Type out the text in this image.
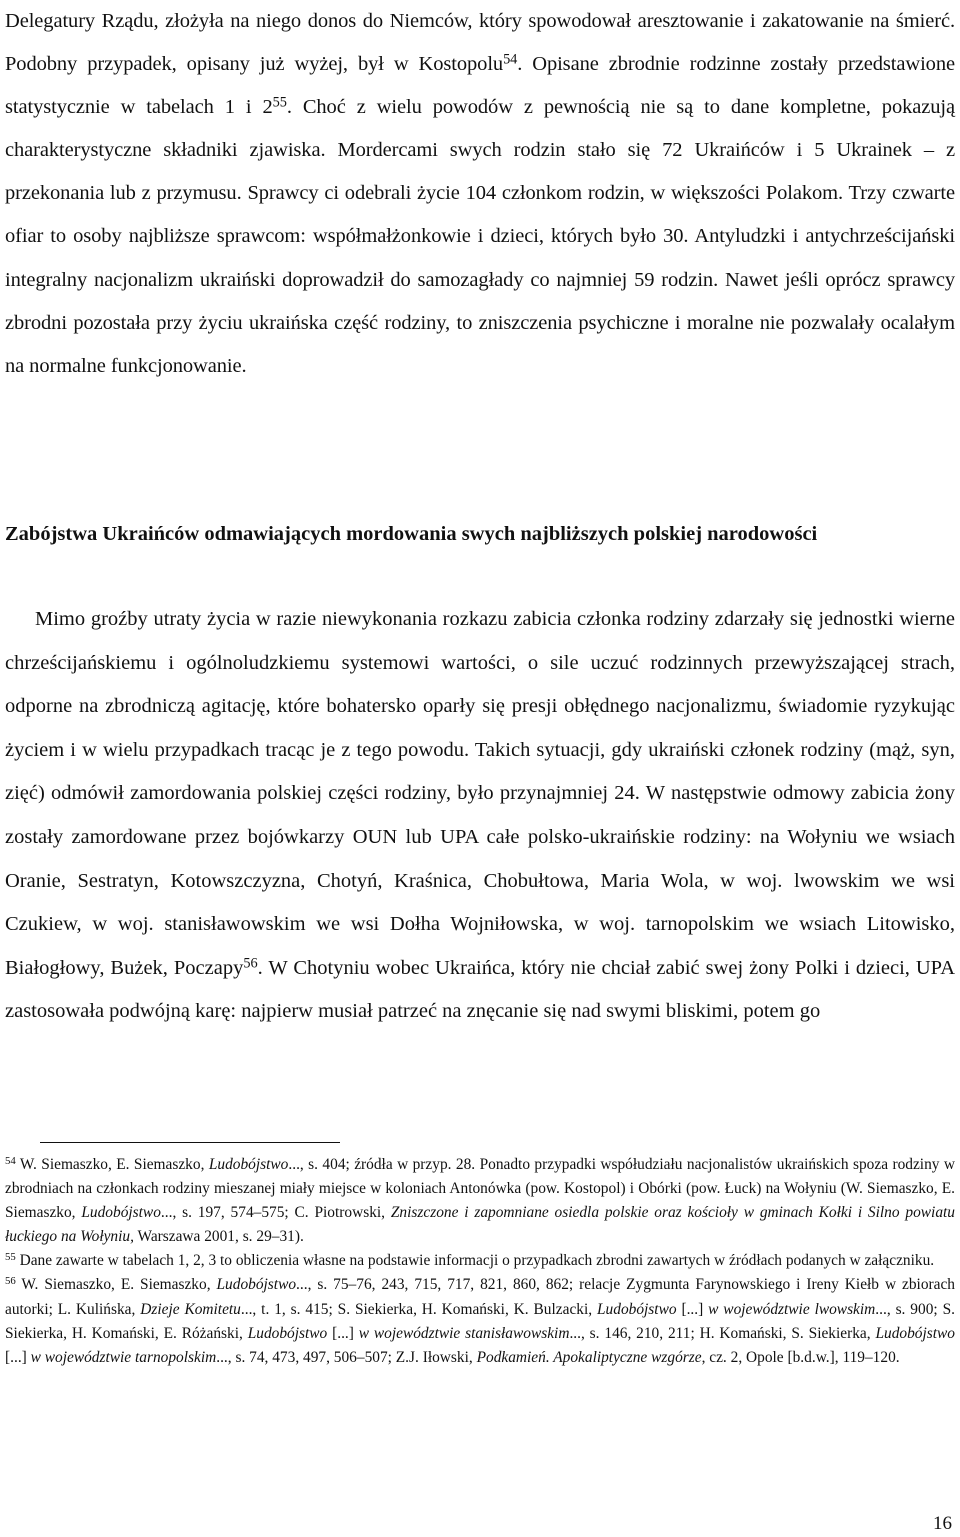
Delegatury Rządu, złożyła na niego donos do Niemców, który spowodował aresztowanie i zakatowanie na śmierć. Podobny przypadek, opisany już wyżej, był w Kostopolu$^{54}$. Opisane zbrodnie rodzinne zostały przedstawione statystycznie w tabelach 1 i $2^{55}$. Choć z wielu powodów z pewnością nie są to dane kompletne, pokazują charakterystyczne składniki zjawiska. Mordercami swych rodzin stało się 72 Ukraińców i 5 Ukrainek – z przekonania lub z przymusu. Sprawcy ci odebrali życie 104 członkom rodzin, w większości Polakom. Trzy czwarte ofiar to osoby najbliższe sprawcom: współmałżonkowie i dzieci, których było 30. Antyludzki i antychrześcijański integralny nacjonalizm ukraiński doprowadził do samozagłady co najmniej 59 rodzin. Nawet jeśli oprócz sprawcy zbrodni pozostała przy życiu ukraińska część rodziny, to zniszczenia psychiczne i moralne nie pozwalały ocalałym na normalne funkcjonowanie.
Zabójstwa Ukraińców odmawiających mordowania swych najbliższych polskiej narodowości
Mimo groźby utraty życia w razie niewykonania rozkazu zabicia członka rodziny zdarzały się jednostki wierne chrześcijańskiemu i ogólnoludzkiemu systemowi wartości, o sile uczuć rodzinnych przewyższającej strach, odporne na zbrodniczą agitację, które bohatersko oparły się presji obłędnego nacjonalizmu, świadomie ryzykując życiem i w wielu przypadkach tracąc je z tego powodu. Takich sytuacji, gdy ukraiński członek rodziny (mąż, syn, zięć) odmówił zamordowania polskiej części rodziny, było przynajmniej 24. W następstwie odmowy zabicia żony zostały zamordowane przez bojówkarzy OUN lub UPA całe polsko-ukraińskie rodziny: na Wołyniu we wsiach Oranie, Sestratyn, Kotowszczyzna, Chotyń, Kraśnica, Chobułtowa, Maria Wola, w woj. lwowskim we wsi Czukiew, w woj. stanisławowskim we wsi Dołha Wojniłowska, w woj. tarnopolskim we wsiach Litowisko, Białogłowy, Bużek, Poczapy$^{56}$. W Chotyniu wobec Ukraińca, który nie chciał zabić swej żony Polki i dzieci, UPA zastosowała podwójną karę: najpierw musiał patrzeć na znęcanie się nad swymi bliskimi, potem go

$^{54}$ W. Siemaszko, E. Siemaszko, Ludobójstwo..., s. 404; źródła w przyp. 28. Ponadto przypadki współudziału nacjonalistów ukraińskich spoza rodziny w zbrodniach na członkach rodziny mieszanej miały miejsce w koloniach Antonówka (pow. Kostopol) i Obórki (pow. Łuck) na Wołyniu (W. Siemaszko, E. Siemaszko, Ludobójstwo..., s. 197, 574–575; C. Piotrowski, Zniszczone i zapomniane osiedla polskie oraz kościoły w gminach Kołki i Silno powiatu łuckiego na Wołyniu, Warszawa 2001, s. 29–31).

$^{55}$ Dane zawarte w tabelach 1, 2, 3 to obliczenia własne na podstawie informacji o przypadkach zbrodni zawartych w źródłach podanych w załączniku.

$^{56}$ W. Siemaszko, E. Siemaszko, Ludobójstwo..., s. 75–76, 243, 715, 717, 821, 860, 862; relacje Zygmunta Farynowskiego i Ireny Kiełb w zbiorach autorki; L. Kulińska, Dzieje Komitetu..., t. 1, s. 415; S. Siekierka, H. Komański, K. Bulzacki, Ludobójstwo [...] w województwie lwowskim..., s. 900; S. Siekierka, H. Komański, E. Różański, Ludobójstwo [...] w województwie stanisławowskim..., s. 146, 210, 211; H. Komański, S. Siekierka, Ludobójstwo [...] w województwie tarnopolskim..., s. 74, 473, 497, 506–507; Z.J. Iłowski, Podkamień. Apokaliptyczne wzgórze, cz. 2, Opole [b.d.w.], 119–120.

16
